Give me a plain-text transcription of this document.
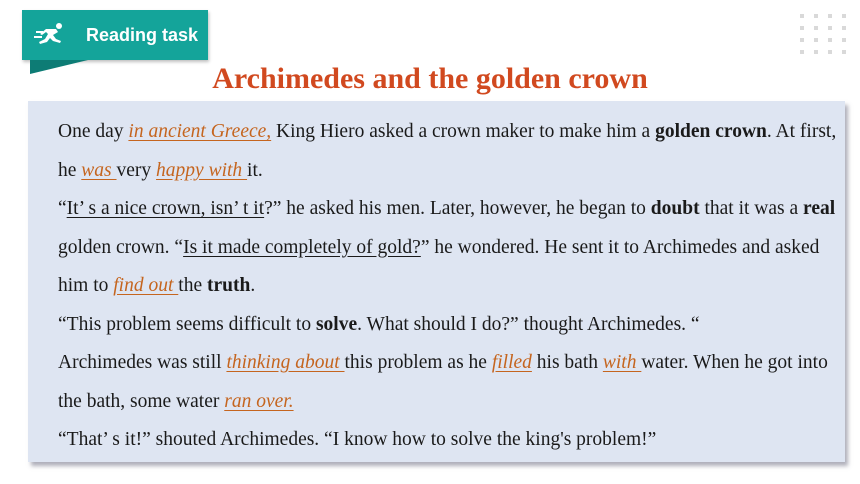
Reading task
Archimedes and the golden crown

One day in ancient Greece, King Hiero asked a crown maker to make him a golden crown. At first, he was very happy with it.

“It’ s a nice crown, isn’ t it?” he asked his men. Later, however, he began to doubt that it was a real golden crown. “Is it made completely of gold?” he wondered. He sent it to Archimedes and asked him to find out the truth.

“This problem seems difficult to solve. What should I do?” thought Archimedes. “

Archimedes was still thinking about this problem as he filled his bath with water. When he got into the bath, some water ran over.

“That’ s it!” shouted Archimedes. “I know how to solve the king's problem!”
